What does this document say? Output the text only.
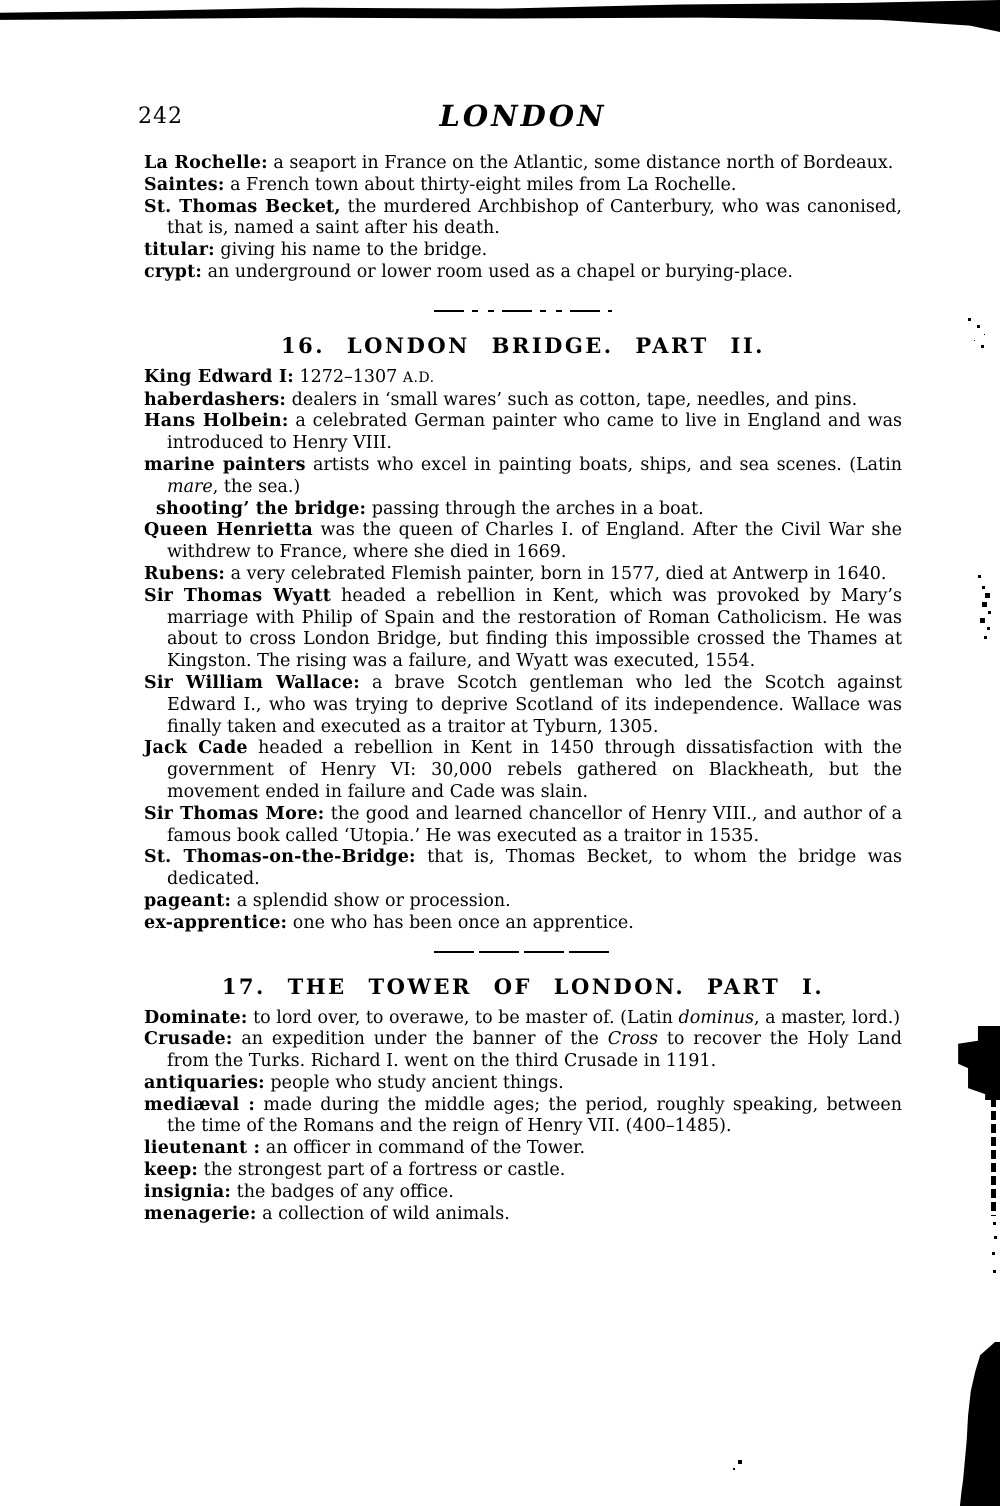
242	LONDON

La Rochelle: a seaport in France on the Atlantic, some distance north of Bordeaux.

Saintes: a French town about thirty-eight miles from La Rochelle.

St. Thomas Becket, the murdered Archbishop of Canterbury, who was canonised, that is, named a saint after his death.

titular: giving his name to the bridge.

crypt: an underground or lower room used as a chapel or burying-place.

16. LONDON BRIDGE. PART II.

King Edward I: 1272–1307 A.D.

haberdashers: dealers in ‘small wares’ such as cotton, tape, needles, and pins.

Hans Holbein: a celebrated German painter who came to live in England and was introduced to Henry VIII.

marine painters artists who excel in painting boats, ships, and sea scenes. (Latin mare, the sea.)

shooting’ the bridge: passing through the arches in a boat.

Queen Henrietta was the queen of Charles I. of England. After the Civil War she withdrew to France, where she died in 1669.

Rubens: a very celebrated Flemish painter, born in 1577, died at Antwerp in 1640.

Sir Thomas Wyatt headed a rebellion in Kent, which was provoked by Mary’s marriage with Philip of Spain and the restoration of Roman Catholicism. He was about to cross London Bridge, but finding this impossible crossed the Thames at Kingston. The rising was a failure, and Wyatt was executed, 1554.

Sir William Wallace: a brave Scotch gentleman who led the Scotch against Edward I., who was trying to deprive Scotland of its independence. Wallace was finally taken and executed as a traitor at Tyburn, 1305.

Jack Cade headed a rebellion in Kent in 1450 through dissatisfaction with the government of Henry VI: 30,000 rebels gathered on Blackheath, but the movement ended in failure and Cade was slain.

Sir Thomas More: the good and learned chancellor of Henry VIII., and author of a famous book called ‘Utopia.’ He was executed as a traitor in 1535.

St. Thomas-on-the-Bridge: that is, Thomas Becket, to whom the bridge was dedicated.

pageant: a splendid show or procession.

ex-apprentice: one who has been once an apprentice.

17. THE TOWER OF LONDON. PART I.

Dominate: to lord over, to overawe, to be master of. (Latin dominus, a master, lord.)

Crusade: an expedition under the banner of the Cross to recover the Holy Land from the Turks. Richard I. went on the third Crusade in 1191.

antiquaries: people who study ancient things.

mediæval : made during the middle ages; the period, roughly speaking, between the time of the Romans and the reign of Henry VII. (400–1485).

lieutenant : an officer in command of the Tower.

keep: the strongest part of a fortress or castle.

insignia: the badges of any office.

menagerie: a collection of wild animals.
